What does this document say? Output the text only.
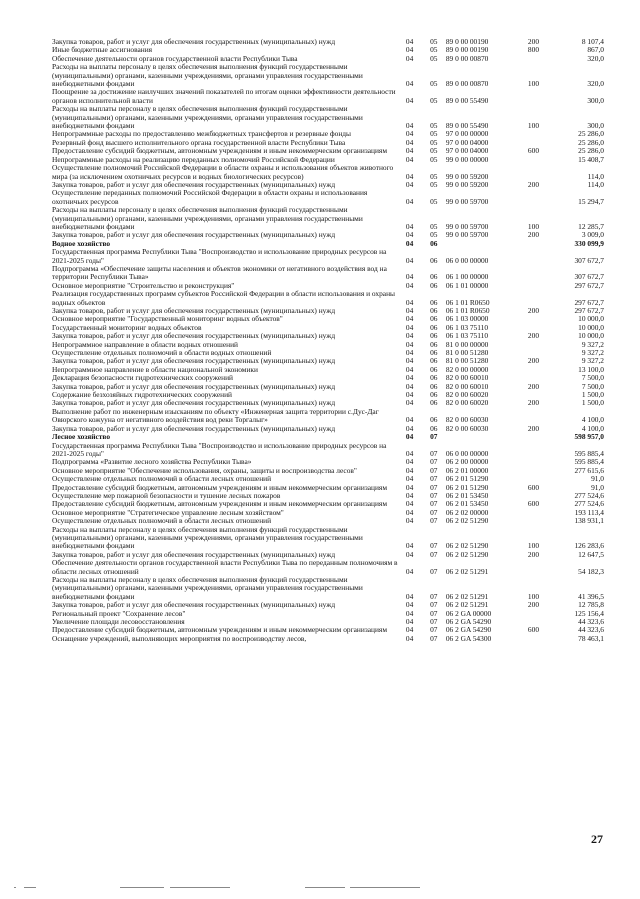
Закупка товаров, работ и услуг для обеспечения государственных (муниципальных) нужд	04	05	89 0 00 00190	200	8 107,4
Иные бюджетные ассигнования	04	05	89 0 00 00190	800	867,0
Обеспечение деятельности органов государственной власти Республики Тыва	04	05	89 0 00 00870		320,0
Расходы на выплаты персоналу в целях обеспечения выполнения функций государственными (муниципальными) органами, казенными учреждениями, органами управления государственными внебюджетными фондами	04	05	89 0 00 00870	100	320,0
Поощрение за достижение наилучших значений показателей по итогам оценки эффективности деятельности органов исполнительной власти	04	05	89 0 00 55490		300,0
Расходы на выплаты персоналу в целях обеспечения выполнения функций государственными (муниципальными) органами, казенными учреждениями, органами управления государственными внебюджетными фондами	04	05	89 0 00 55490	100	300,0
Непрограммные расходы по предоставлению межбюджетных трансфертов и резервные фонды	04	05	97 0 00 00000		25 286,0
Резервный фонд высшего исполнительного органа государственной власти Республики Тыва	04	05	97 0 00 04000		25 286,0
Предоставление субсидий бюджетным, автономным учреждениям и иным некоммерческим организациям	04	05	97 0 00 04000	600	25 286,0
Непрограммные расходы на реализацию переданных полномочий Российской Федерации	04	05	99 0 00 00000		15 408,7
Осуществление полномочий Российской Федерации в области охраны и использования объектов животного мира (за исключением охотничьих ресурсов и водных биологических ресурсов)	04	05	99 0 00 59200		114,0
Закупка товаров, работ и услуг для обеспечения государственных (муниципальных) нужд	04	05	99 0 00 59200	200	114,0
Осуществление переданных полномочий Российской Федерации в области охраны и использования охотничьих ресурсов	04	05	99 0 00 59700		15 294,7
Расходы на выплаты персоналу в целях обеспечения выполнения функций государственными (муниципальными) органами, казенными учреждениями, органами управления государственными внебюджетными фондами	04	05	99 0 00 59700	100	12 285,7
Закупка товаров, работ и услуг для обеспечения государственных (муниципальных) нужд	04	05	99 0 00 59700	200	3 009,0
Водное хозяйство	04	06			330 099,9
Государственная программа Республики Тыва "Воспроизводство и использование природных ресурсов на 2021-2025 годы"	04	06	06 0 00 00000		307 672,7
Подпрограмма «Обеспечение защиты населения и объектов экономики от негативного воздействия вод на территории Республики Тыва»	04	06	06 1 00 00000		307 672,7
Основное мероприятие "Строительство и реконструкция"	04	06	06 1 01 00000		297 672,7
Реализация государственных программ субъектов Российской Федерации в области использования и охраны водных объектов	04	06	06 1 01 R0650		297 672,7
Закупка товаров, работ и услуг для обеспечения государственных (муниципальных) нужд	04	06	06 1 01 R0650	200	297 672,7
Основное мероприятие "Государственный мониторинг водных объектов"	04	06	06 1 03 00000		10 000,0
Государственный мониторинг водных объектов	04	06	06 1 03 75110		10 000,0
Закупка товаров, работ и услуг для обеспечения государственных (муниципальных) нужд	04	06	06 1 03 75110	200	10 000,0
Непрограммное направление в области водных отношений	04	06	81 0 00 00000		9 327,2
Осуществление отдельных полномочий в области водных отношений	04	06	81 0 00 51280		9 327,2
Закупка товаров, работ и услуг для обеспечения государственных (муниципальных) нужд	04	06	81 0 00 51280	200	9 327,2
Непрограммное направление в области национальной экономики	04	06	82 0 00 00000		13 100,0
Декларация безопасности гидротехнических сооружений	04	06	82 0 00 60010		7 500,0
Закупка товаров, работ и услуг для обеспечения государственных (муниципальных) нужд	04	06	82 0 00 60010	200	7 500,0
Содержание безхозяйных гидротехнических сооружений	04	06	82 0 00 60020		1 500,0
Закупка товаров, работ и услуг для обеспечения государственных (муниципальных) нужд	04	06	82 0 00 60020	200	1 500,0
Выполнение работ по инженерным изысканиям по объекту «Инженерная защита территории с.Дус-Даг Овюрского кожууна от негативного воздействия вод реки Торгалыг»	04	06	82 0 00 60030		4 100,0
Закупка товаров, работ и услуг для обеспечения государственных (муниципальных) нужд	04	06	82 0 00 60030	200	4 100,0
Лесное хозяйство	04	07			598 957,0
Государственная программа Республики Тыва "Воспроизводство и использование природных ресурсов на 2021-2025 годы"	04	07	06 0 00 00000		595 885,4
Подпрограмма «Развитие лесного хозяйства Республики Тыва»	04	07	06 2 00 00000		595 885,4
Основное мероприятие "Обеспечение использования, охраны, защиты и воспроизводства лесов"	04	07	06 2 01 00000		277 615,6
Осуществление отдельных полномочий в области лесных отношений	04	07	06 2 01 51290		91,0
Предоставление субсидий бюджетным, автономным учреждениям и иным некоммерческим организациям	04	07	06 2 01 51290	600	91,0
Осуществление мер пожарной безопасности и тушение лесных пожаров	04	07	06 2 01 53450		277 524,6
Предоставление субсидий бюджетным, автономным учреждениям и иным некоммерческим организациям	04	07	06 2 01 53450	600	277 524,6
Основное мероприятие "Стратегическое управление лесным хозяйством"	04	07	06 2 02 00000		193 113,4
Осуществление отдельных полномочий в области лесных отношений	04	07	06 2 02 51290		138 931,1
Расходы на выплаты персоналу в целях обеспечения выполнения функций государственными (муниципальными) органами, казенными учреждениями, органами управления государственными внебюджетными фондами	04	07	06 2 02 51290	100	126 283,6
Закупка товаров, работ и услуг для обеспечения государственных (муниципальных) нужд	04	07	06 2 02 51290	200	12 647,5
Обеспечение деятельности органов государственной власти Республики Тыва по переданным полномочиям в области лесных отношений	04	07	06 2 02 51291		54 182,3
Расходы на выплаты персоналу в целях обеспечения выполнения функций государственными (муниципальными) органами, казенными учреждениями, органами управления государственными внебюджетными фондами	04	07	06 2 02 51291	100	41 396,5
Закупка товаров, работ и услуг для обеспечения государственных (муниципальных) нужд	04	07	06 2 02 51291	200	12 785,8
Региональный проект "Сохранение лесов"	04	07	06 2 GA 00000		125 156,4
Увеличение площади лесовосстановления	04	07	06 2 GA 54290		44 323,6
Предоставление субсидий бюджетным, автономным учреждениям и иным некоммерческим организациям	04	07	06 2 GA 54290	600	44 323,6
Оснащение учреждений, выполняющих мероприятия по воспроизводству лесов,	04	07	06 2 GA 54300		78 463,1
27
